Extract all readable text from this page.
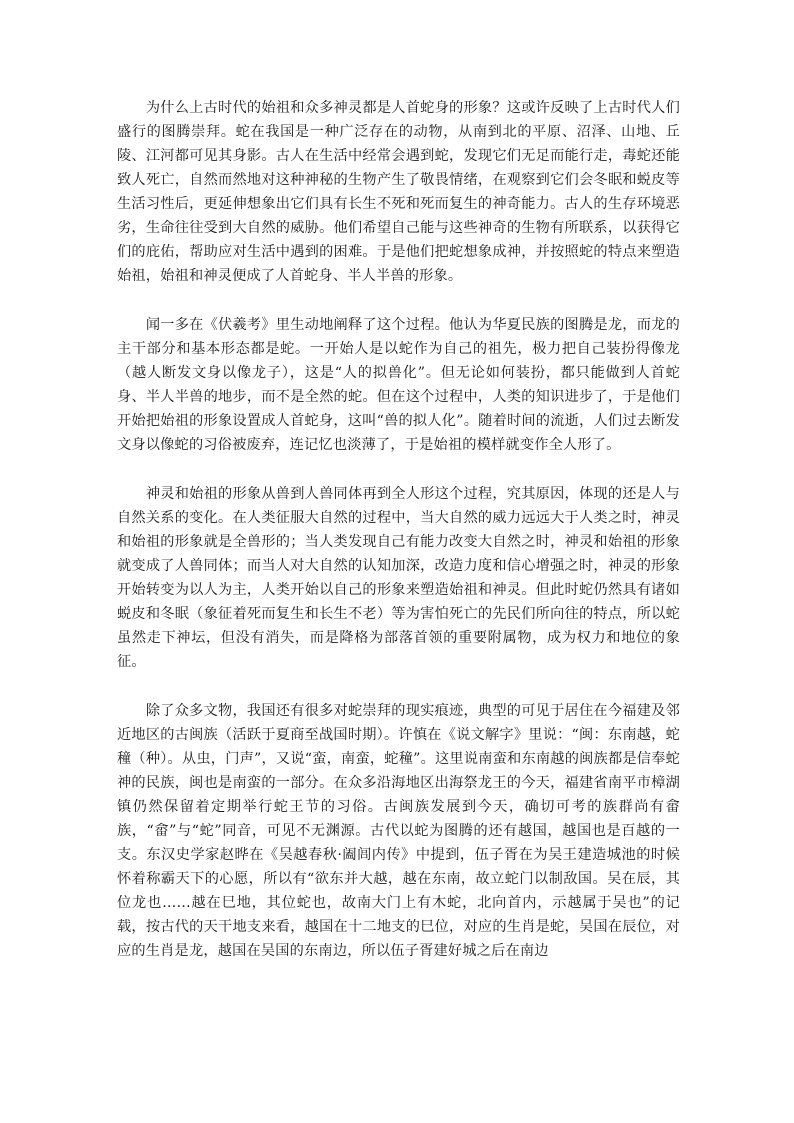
　　为什么上古时代的始祖和众多神灵都是人首蛇身的形象？这或许反映了上古时代人们盛行的图腾崇拜。蛇在我国是一种广泛存在的动物，从南到北的平原、沼泽、山地、丘陵、江河都可见其身影。古人在生活中经常会遇到蛇，发现它们无足而能行走，毒蛇还能致人死亡，自然而然地对这种神秘的生物产生了敬畏情绪，在观察到它们会冬眠和蜕皮等生活习性后，更延伸想象出它们具有长生不死和死而复生的神奇能力。古人的生存环境恶劣，生命往往受到大自然的威胁。他们希望自己能与这些神奇的生物有所联系，以获得它们的庇佑，帮助应对生活中遇到的困难。于是他们把蛇想象成神，并按照蛇的特点来塑造始祖，始祖和神灵便成了人首蛇身、半人半兽的形象。

　　闻一多在《伏羲考》里生动地阐释了这个过程。他认为华夏民族的图腾是龙，而龙的主干部分和基本形态都是蛇。一开始人是以蛇作为自己的祖先，极力把自己装扮得像龙（越人断发文身以像龙子），这是“人的拟兽化”。但无论如何装扮，都只能做到人首蛇身、半人半兽的地步，而不是全然的蛇。但在这个过程中，人类的知识进步了，于是他们开始把始祖的形象设置成人首蛇身，这叫“兽的拟人化”。随着时间的流逝，人们过去断发文身以像蛇的习俗被废弃，连记忆也淡薄了，于是始祖的模样就变作全人形了。

　　神灵和始祖的形象从兽到人兽同体再到全人形这个过程，究其原因，体现的还是人与自然关系的变化。在人类征服大自然的过程中，当大自然的威力远远大于人类之时，神灵和始祖的形象就是全兽形的；当人类发现自己有能力改变大自然之时，神灵和始祖的形象就变成了人兽同体；而当人对大自然的认知加深，改造力度和信心增强之时，神灵的形象开始转变为以人为主，人类开始以自己的形象来塑造始祖和神灵。但此时蛇仍然具有诸如蜕皮和冬眠（象征着死而复生和长生不老）等为害怕死亡的先民们所向往的特点，所以蛇虽然走下神坛，但没有消失，而是降格为部落首领的重要附属物，成为权力和地位的象征。

　　除了众多文物，我国还有很多对蛇崇拜的现实痕迹，典型的可见于居住在今福建及邻近地区的古闽族（活跃于夏商至战国时期）。许慎在《说文解字》里说：“闽：东南越，蛇穜（种）。从虫，门声”，又说“蛮，南蛮，蛇穜”。这里说南蛮和东南越的闽族都是信奉蛇神的民族，闽也是南蛮的一部分。在众多沿海地区出海祭龙王的今天，福建省南平市樟湖镇仍然保留着定期举行蛇王节的习俗。古闽族发展到今天，确切可考的族群尚有畲族，“畲”与“蛇”同音，可见不无渊源。古代以蛇为图腾的还有越国，越国也是百越的一支。东汉史学家赵晔在《吴越春秋·阖闾内传》中提到，伍子胥在为吴王建造城池的时候怀着称霸天下的心愿，所以有“欲东并大越，越在东南，故立蛇门以制敌国。吴在辰，其位龙也……越在巳地，其位蛇也，故南大门上有木蛇，北向首内，示越属于吴也”的记载，按古代的天干地支来看，越国在十二地支的巳位，对应的生肖是蛇，吴国在辰位，对应的生肖是龙，越国在吴国的东南边，所以伍子胥建好城之后在南边
